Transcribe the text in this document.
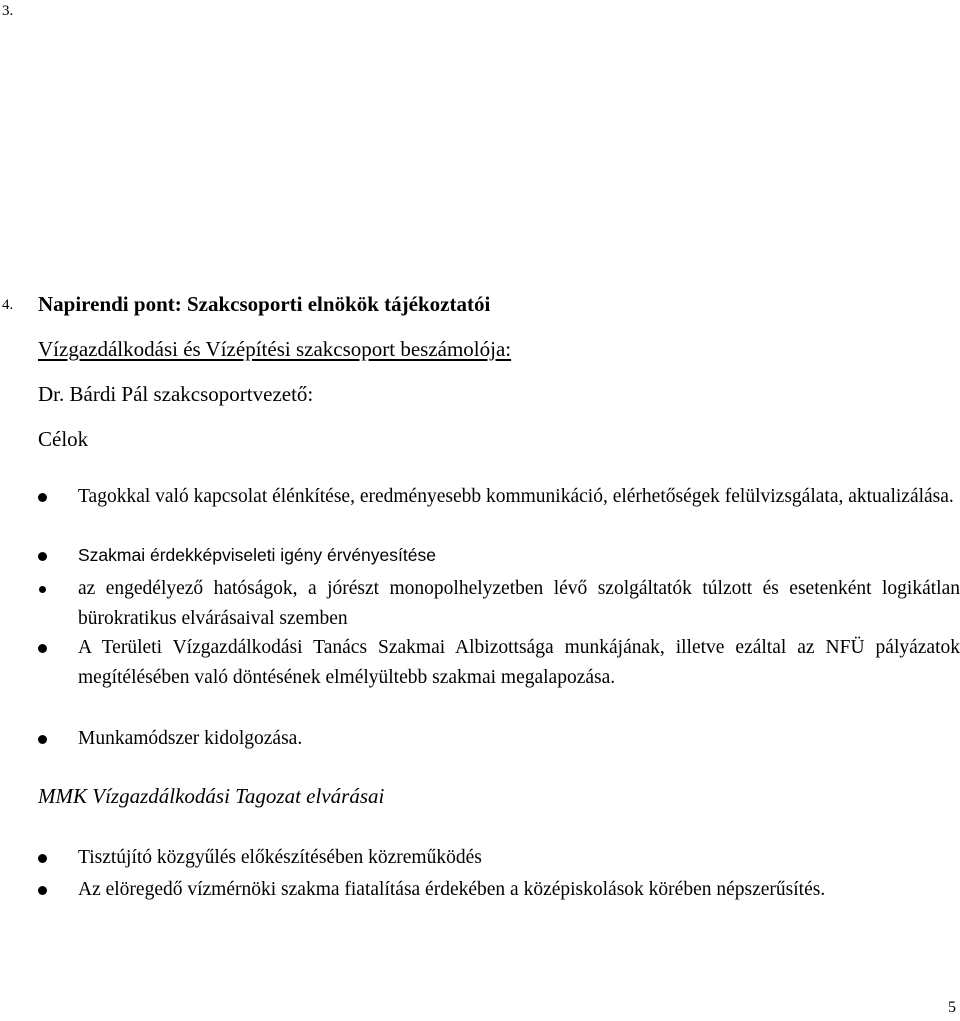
3.
4. Napirendi pont: Szakcsoporti elnökök tájékoztatói
Vízgazdálkodási és Vízépítési szakcsoport beszámolója:
Dr. Bárdi Pál szakcsoportvezető:
Célok
Tagokkal való kapcsolat élénkítése, eredményesebb kommunikáció, elérhetőségek felülvizsgálata, aktualizálása.
Szakmai érdekképviseleti igény érvényesítése
az engedélyező hatóságok, a jórészt monopolhelyzetben lévő szolgáltatók túlzott és esetenként logikátlan bürokratikus elvárásaival szemben
A Területi Vízgazdálkodási Tanács Szakmai Albizottsága munkájának, illetve ezáltal az NFÜ pályázatok megítélésében való döntésének elmélyültebb szakmai megalapozása.
Munkamódszer kidolgozása.
MMK Vízgazdálkodási Tagozat elvárásai
Tisztújító közgyűlés előkészítésében közreműködés
Az elöregedő vízmérnöki szakma fiatalítása érdekében a középiskolások körében népszerűsítés.
5
